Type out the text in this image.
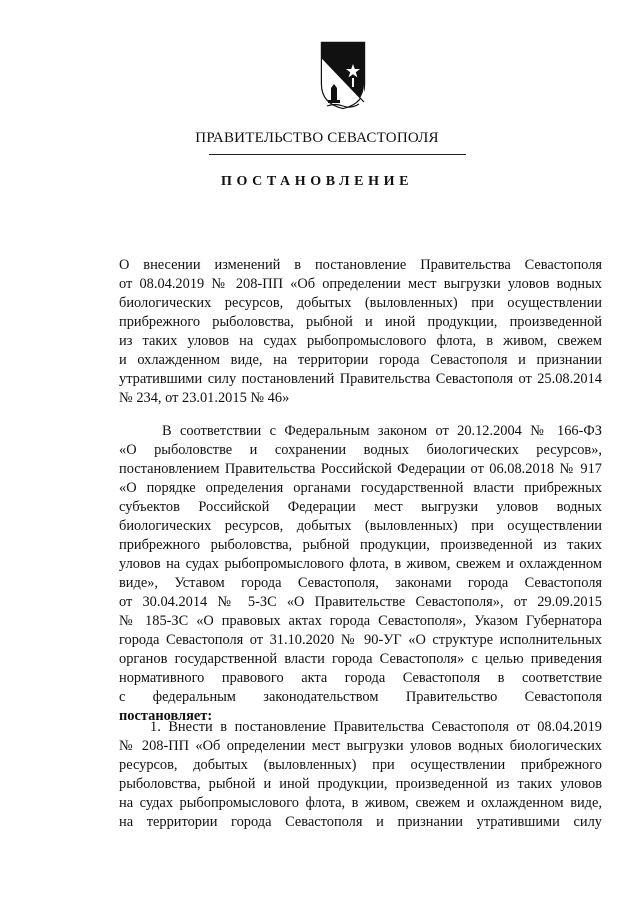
ПРАВИТЕЛЬСТВО СЕВАСТОПОЛЯ
ПОСТАНОВЛЕНИЕ
О внесении изменений в постановление Правительства Севастополя
от 08.04.2019 № 208-ПП «Об определении мест выгрузки уловов водных
биологических ресурсов, добытых (выловленных) при осуществлении
прибрежного рыболовства, рыбной и иной продукции, произведенной
из таких уловов на судах рыбопромыслового флота, в живом, свежем
и охлажденном виде, на территории города Севастополя и признании
утратившими силу постановлений Правительства Севастополя от 25.08.2014
№ 234, от 23.01.2015 № 46»
В соответствии с Федеральным законом от 20.12.2004 № 166-ФЗ
«О рыболовстве и сохранении водных биологических ресурсов»,
постановлением Правительства Российской Федерации от 06.08.2018 № 917
«О порядке определения органами государственной власти прибрежных
субъектов Российской Федерации мест выгрузки уловов водных
биологических ресурсов, добытых (выловленных) при осуществлении
прибрежного рыболовства, рыбной продукции, произведенной из таких
уловов на судах рыбопромыслового флота, в живом, свежем и охлажденном
виде», Уставом города Севастополя, законами города Севастополя
от 30.04.2014 № 5-ЗС «О Правительстве Севастополя», от 29.09.2015
№ 185-ЗС «О правовых актах города Севастополя», Указом Губернатора
города Севастополя от 31.10.2020 № 90-УГ «О структуре исполнительных
органов государственной власти города Севастополя» с целью приведения
нормативного правового акта города Севастополя в соответствие
с федеральным законодательством Правительство Севастополя
постановляет:
1. Внести в постановление Правительства Севастополя от 08.04.2019
№ 208-ПП «Об определении мест выгрузки уловов водных биологических
ресурсов, добытых (выловленных) при осуществлении прибрежного
рыболовства, рыбной и иной продукции, произведенной из таких уловов
на судах рыбопромыслового флота, в живом, свежем и охлажденном виде,
на территории города Севастополя и признании утратившими силу
